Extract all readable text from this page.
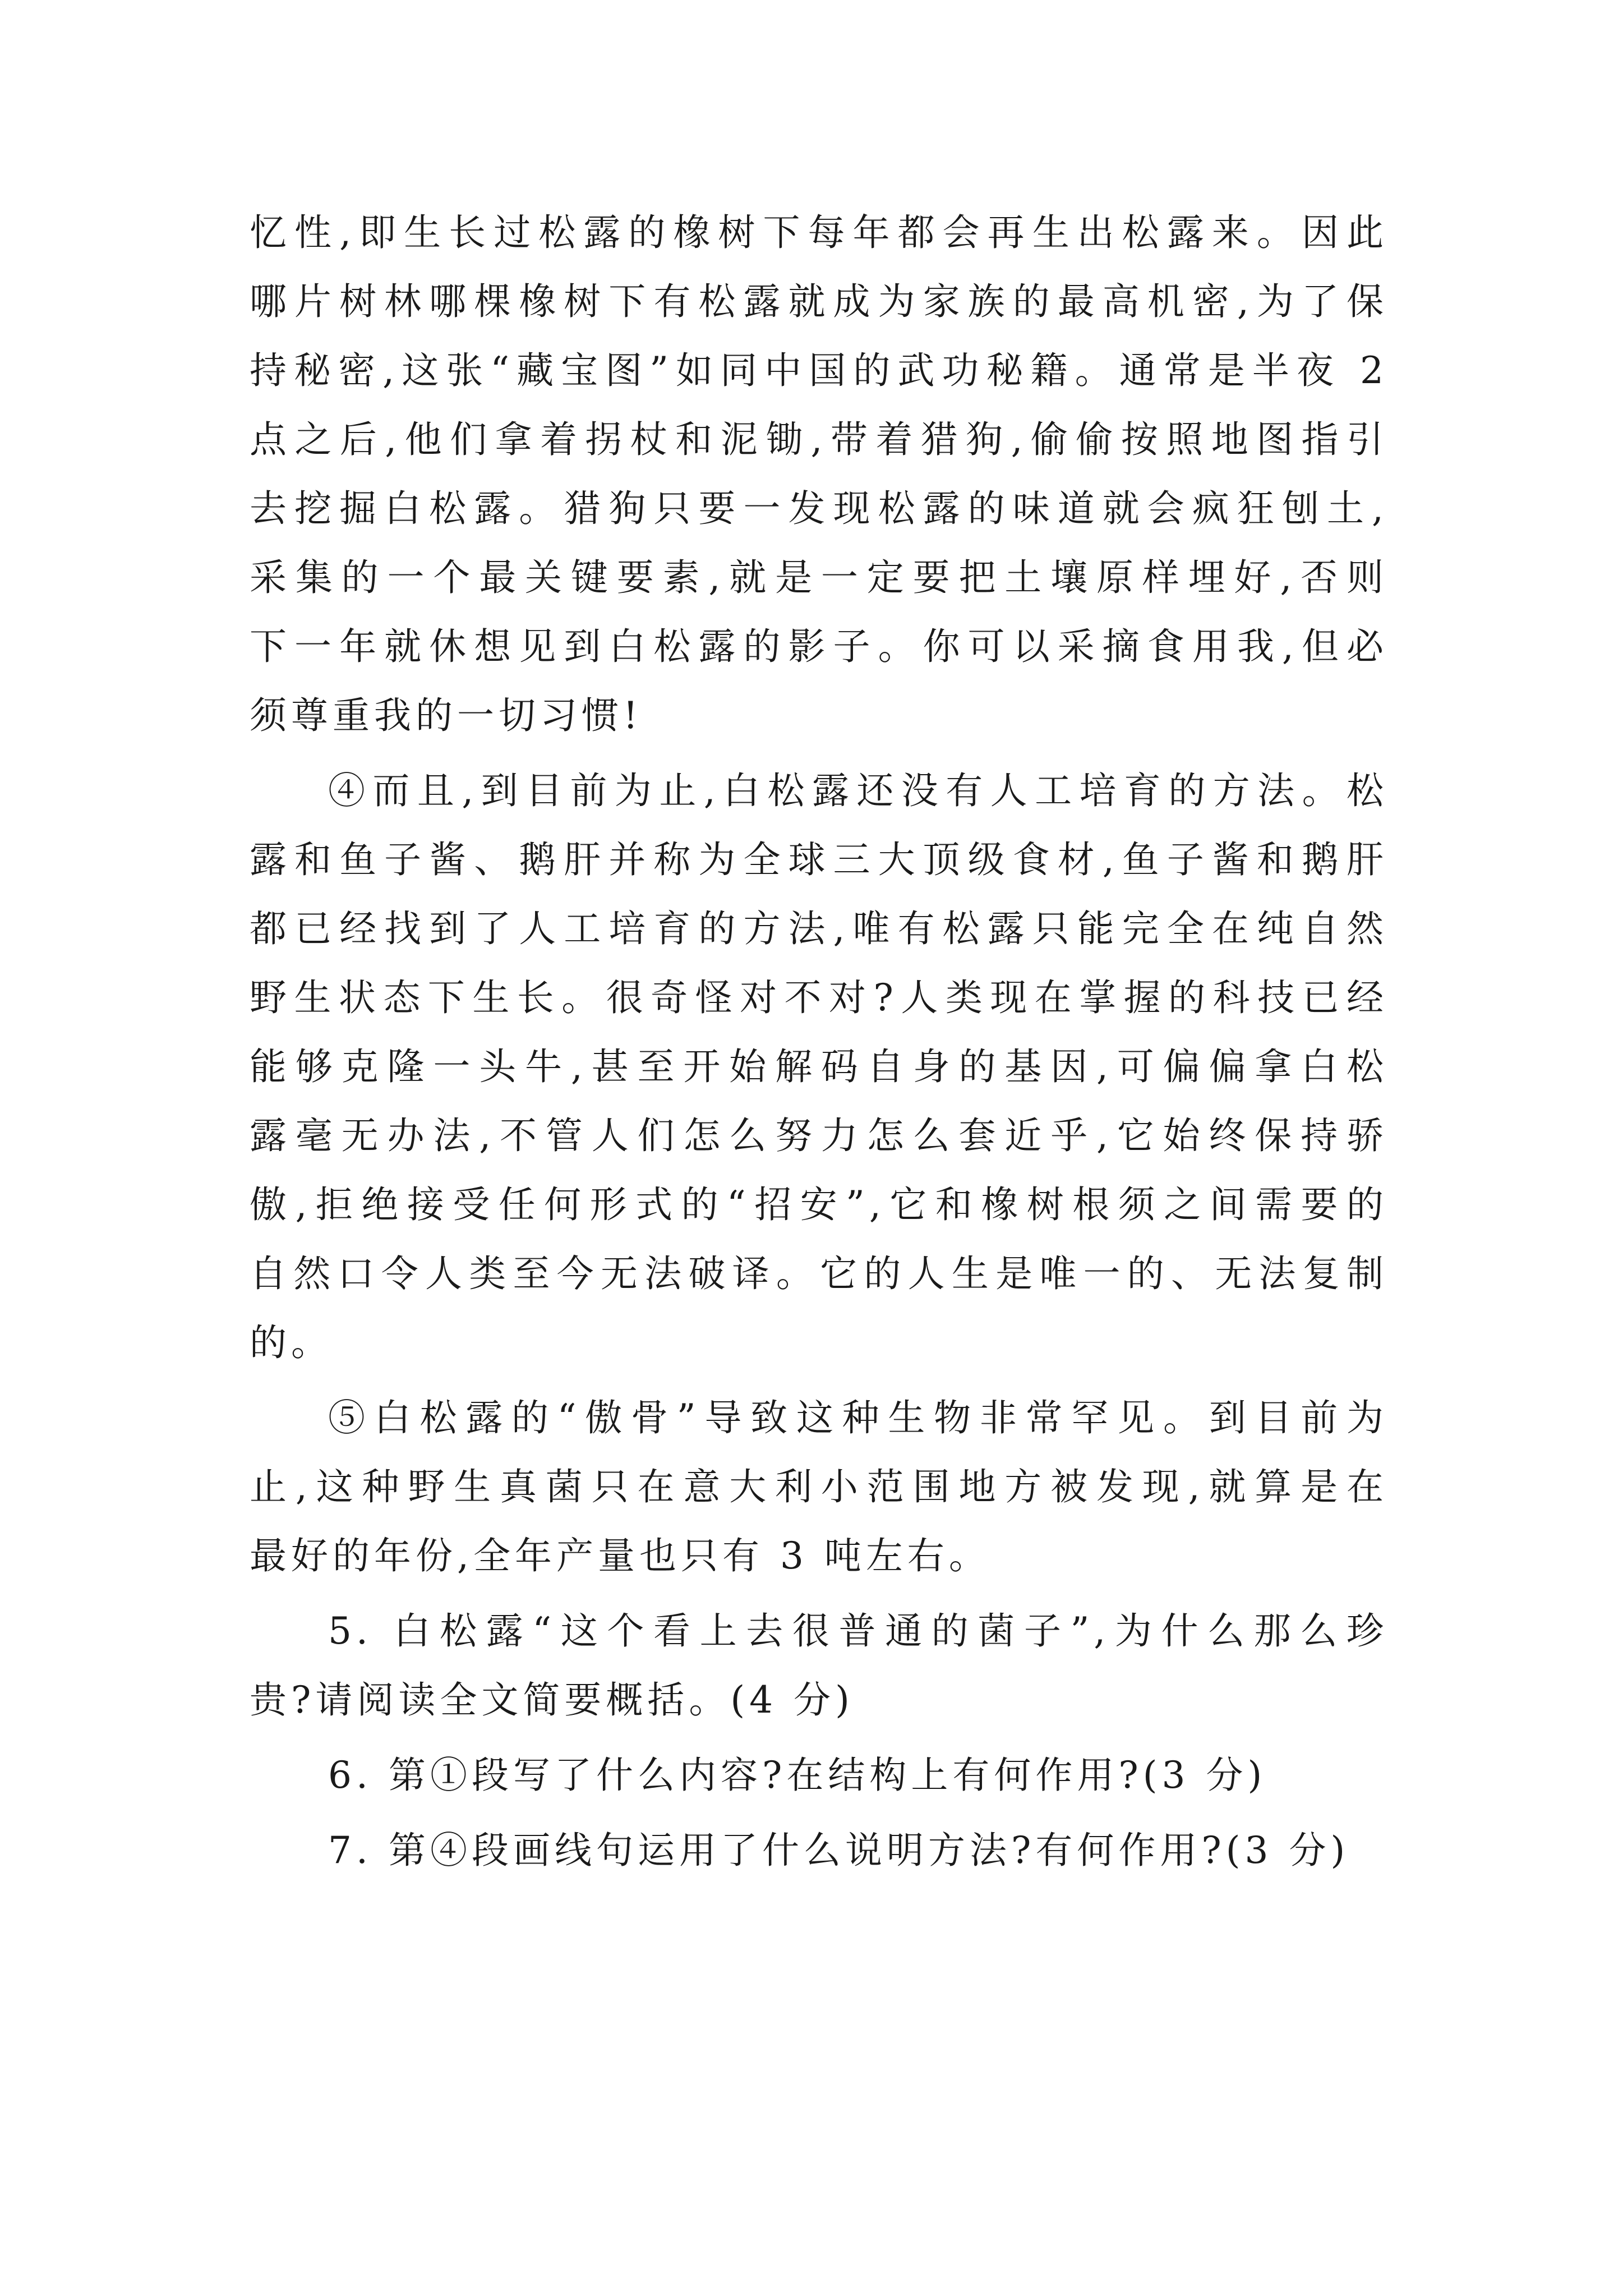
忆性,即生长过松露的橡树下每年都会再生出松露来。因此
哪片树林哪棵橡树下有松露就成为家族的最高机密,为了保
持秘密,这张“藏宝图”如同中国的武功秘籍。通常是半夜 2
点之后,他们拿着拐杖和泥锄,带着猎狗,偷偷按照地图指引
去挖掘白松露。猎狗只要一发现松露的味道就会疯狂刨土,
采集的一个最关键要素,就是一定要把土壤原样埋好,否则
下一年就休想见到白松露的影子。你可以采摘食用我,但必
须尊重我的一切习惯!
④而且,到目前为止,白松露还没有人工培育的方法。松
露和鱼子酱、鹅肝并称为全球三大顶级食材,鱼子酱和鹅肝
都已经找到了人工培育的方法,唯有松露只能完全在纯自然
野生状态下生长。很奇怪对不对?人类现在掌握的科技已经
能够克隆一头牛,甚至开始解码自身的基因,可偏偏拿白松
露毫无办法,不管人们怎么努力怎么套近乎,它始终保持骄
傲,拒绝接受任何形式的“招安”,它和橡树根须之间需要的
自然口令人类至今无法破译。它的人生是唯一的、无法复制
的。
⑤白松露的“傲骨”导致这种生物非常罕见。到目前为
止,这种野生真菌只在意大利小范围地方被发现,就算是在
最好的年份,全年产量也只有 3 吨左右。
5. 白松露“这个看上去很普通的菌子”,为什么那么珍
贵?请阅读全文简要概括。(4 分)
6. 第①段写了什么内容?在结构上有何作用?(3 分)
7. 第④段画线句运用了什么说明方法?有何作用?(3 分)
